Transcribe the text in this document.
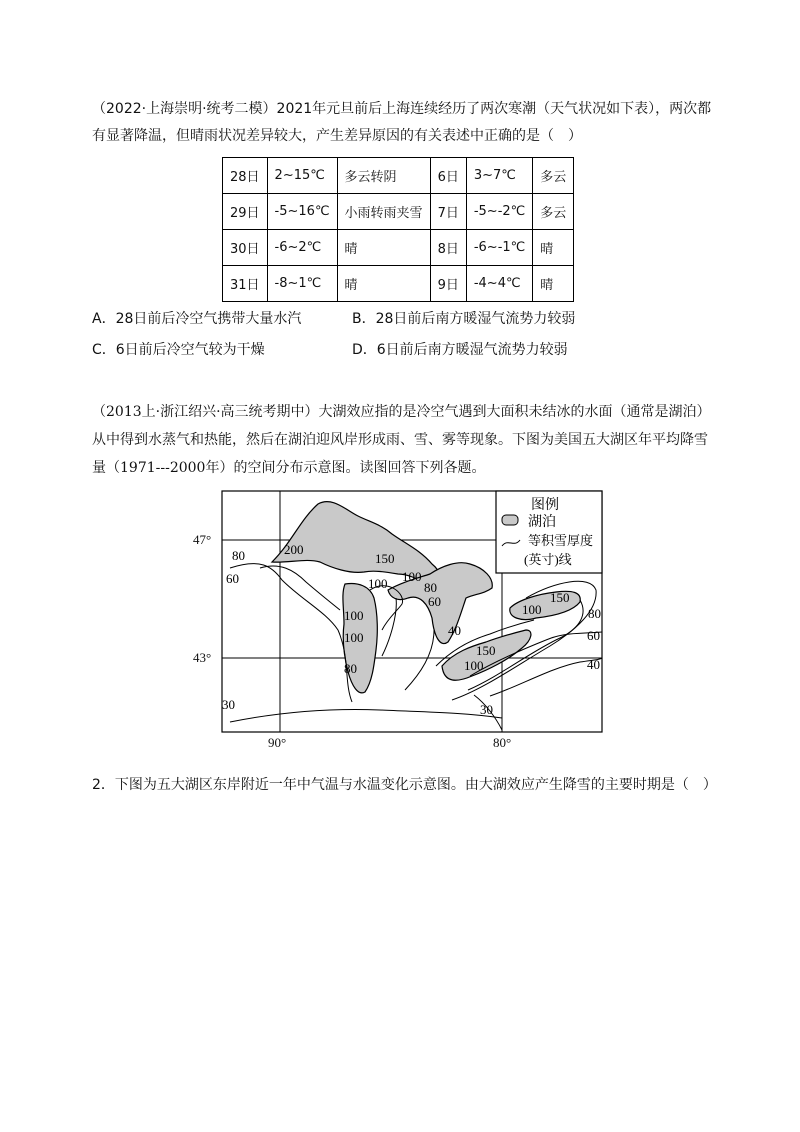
（2022·上海崇明·统考二模）2021年元旦前后上海连续经历了两次寒潮（天气状况如下表），两次都有显著降温，但晴雨状况差异较大，产生差异原因的有关表述中正确的是（　）
28日	2~15℃	多云转阴	6日	3~7℃	多云
29日	-5~16℃	小雨转雨夹雪	7日	-5~-2℃	多云
30日	-6~2℃	晴	8日	-6~-1℃	晴
31日	-8~1℃	晴	9日	-4~4℃	晴
A．28日前后冷空气携带大量水汽	B．28日前后南方暖湿气流势力较弱
C．6日前后冷空气较为干燥	D．6日前后南方暖湿气流势力较弱
（2013上·浙江绍兴·高三统考期中）大湖效应指的是冷空气遇到大面积未结冰的水面（通常是湖泊）从中得到水蒸气和热能，然后在湖泊迎风岸形成雨、雪、雾等现象。下图为美国五大湖区年平均降雪量（1971---2000年）的空间分布示意图。读图回答下列各题。
200
150
80
60	100 100
80
60
100
100	40
80
150
100
150
100	80
60
40
30	30
图例
湖泊
等积雪厚度
(英寸)线
47°
43°
90°	80°
2．下图为五大湖区东岸附近一年中气温与水温变化示意图。由大湖效应产生降雪的主要时期是（　）
